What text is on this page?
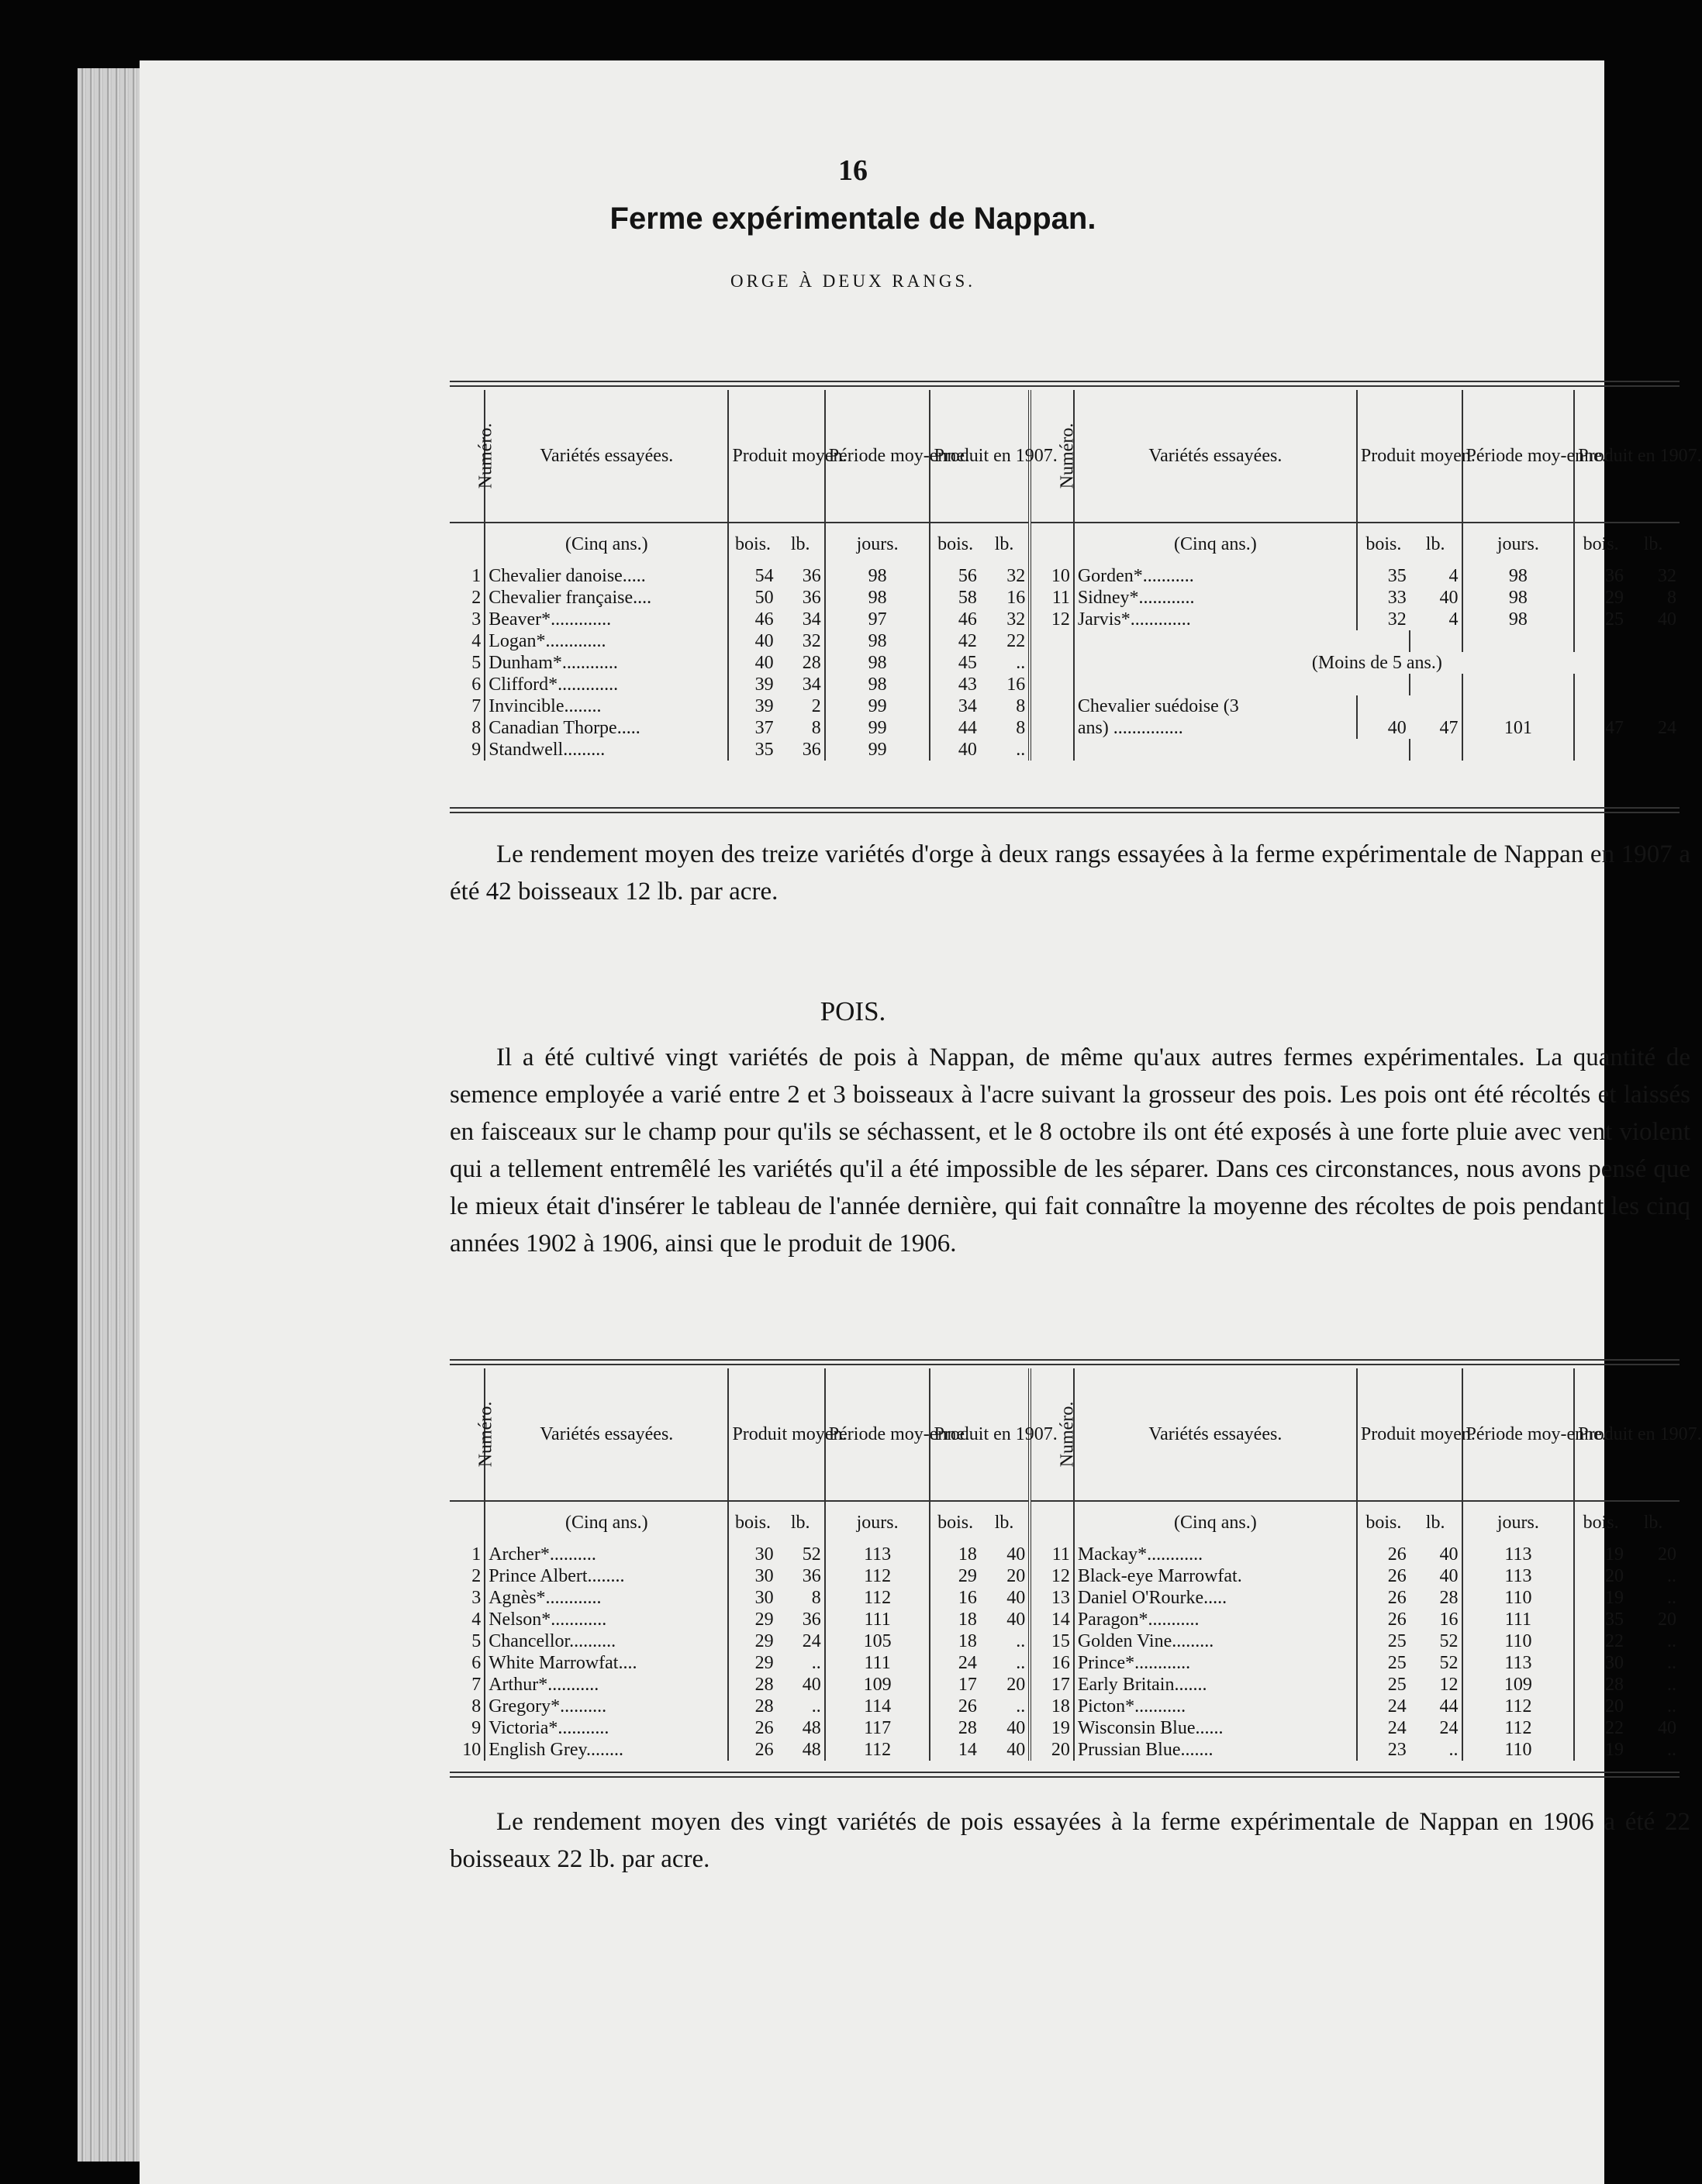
16
Ferme expérimentale de Nappan.
ORGE À DEUX RANGS.
Numéro.	Variétés essayées.	Produit moyen.		Période moy-enne.	Produit en 1907.		Numéro.	Variétés essayées.	Produit moyen.		Période moy-enne.	Produit en 1907.	
	(Cinq ans.)	bois.	lb.	jours.	bois.	lb.		(Cinq ans.)	bois.	lb.	jours.	bois.	lb.
1	Chevalier danoise.....	54	36	98	56	32	10	Gorden*...........	35	4	98	36	32
2	Chevalier française....	50	36	98	58	16	11	Sidney*............	33	40	98	29	8
3	Beaver*.............	46	34	97	46	32	12	Jarvis*.............	32	4	98	25	40
4	Logan*.............	40	32	98	42	22							
5	Dunham*............	40	28	98	45	..		(Moins de 5 ans.)					
6	Clifford*.............	39	34	98	43	16							
7	Invincible........	39	2	99	34	8		Chevalier suédoise (3					
8	Canadian Thorpe.....	37	8	99	44	8		ans) ...............	40	47	101	47	24
9	Standwell.........	35	36	99	40	..							
Le rendement moyen des treize variétés d'orge à deux rangs essayées à la ferme expérimentale de Nappan en 1907 a été 42 boisseaux 12 lb. par acre.
POIS.
Il a été cultivé vingt variétés de pois à Nappan, de même qu'aux autres fermes expérimentales. La quantité de semence employée a varié entre 2 et 3 boisseaux à l'acre suivant la grosseur des pois. Les pois ont été récoltés et laissés en faisceaux sur le champ pour qu'ils se séchassent, et le 8 octobre ils ont été exposés à une forte pluie avec vent violent qui a tellement entremêlé les variétés qu'il a été impossible de les séparer. Dans ces circonstances, nous avons pensé que le mieux était d'insérer le tableau de l'année dernière, qui fait connaître la moyenne des récoltes de pois pendant les cinq années 1902 à 1906, ainsi que le produit de 1906.
Numéro.	Variétés essayées.	Produit moyen.		Période moy-enne.	Produit en 1907.		Numéro.	Variétés essayées.	Produit moyen.		Période moy-enne.	Produit en 1907.	
	(Cinq ans.)	bois.	lb.	jours.	bois.	lb.		(Cinq ans.)	bois.	lb.	jours.	bois.	lb.
1	Archer*..........	30	52	113	18	40	11	Mackay*............	26	40	113	19	20
2	Prince Albert........	30	36	112	29	20	12	Black-eye Marrowfat.	26	40	113	20	..
3	Agnès*............	30	8	112	16	40	13	Daniel O'Rourke.....	26	28	110	19	..
4	Nelson*............	29	36	111	18	40	14	Paragon*...........	26	16	111	35	20
5	Chancellor..........	29	24	105	18	..	15	Golden Vine.........	25	52	110	22	..
6	White Marrowfat....	29	..	111	24	..	16	Prince*............	25	52	113	30	..
7	Arthur*...........	28	40	109	17	20	17	Early Britain.......	25	12	109	28	..
8	Gregory*..........	28	..	114	26	..	18	Picton*...........	24	44	112	20	..
9	Victoria*...........	26	48	117	28	40	19	Wisconsin Blue......	24	24	112	22	40
10	English Grey........	26	48	112	14	40	20	Prussian Blue.......	23	..	110	19	..
Le rendement moyen des vingt variétés de pois essayées à la ferme expérimentale de Nappan en 1906 a été 22 boisseaux 22 lb. par acre.
